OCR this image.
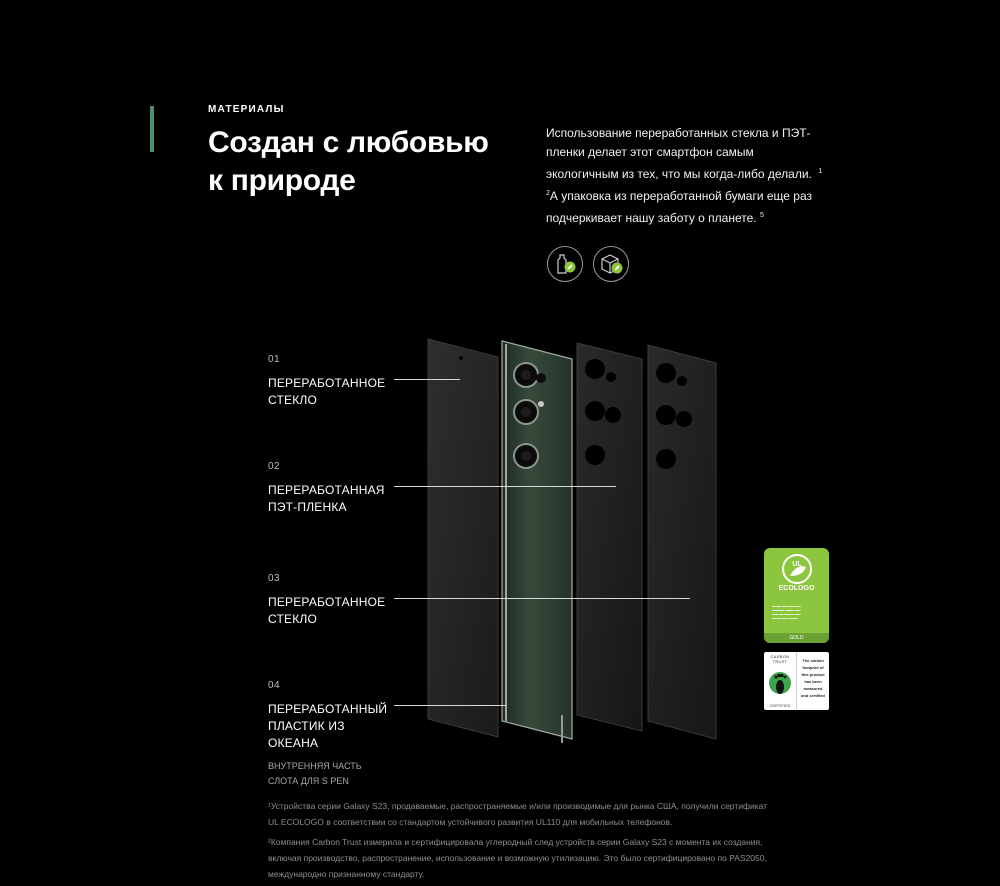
МАТЕРИАЛЫ
Создан с любовью
к природе
Использование переработанных стекла и ПЭТ-
пленки делает этот смартфон самым
экологичным из тех, что мы когда-либо делали. $^1$
$^2$А упаковка из переработанной бумаги еще раз
подчеркивает нашу заботу о планете. $^5$
01
ПЕРЕРАБОТАННОЕ
СТЕКЛО
02
ПЕРЕРАБОТАННАЯ
ПЭТ-ПЛЕНКА
03
ПЕРЕРАБОТАННОЕ
СТЕКЛО
04
ПЕРЕРАБОТАННЫЙ
ПЛАСТИК ИЗ
ОКЕАНА
ВНУТРЕННЯЯ ЧАСТЬ
СЛОТА ДЛЯ S PEN
UL
ECOLOGO
▬▬▬ ▬▬ ▬▬▬▬
▬▬▬▬ ▬▬▬ ▬▬
▬▬ ▬▬▬▬▬ ▬▬
▬▬▬ ▬▬ ▬▬▬
GOLD
CARBON
TRUST
CERTIFIED
The carbon
footprint of
this product
has been
measured
and certified

¹Устройства серии Galaxy S23, продаваемые, распространяемые и/или производимые для рынка США, получили сертификат
UL ECOLOGO в соответствии со стандартом устойчивого развития UL110 для мобильных телефонов.

²Компания Carbon Trust измерила и сертифицировала углеродный след устройств серии Galaxy S23 с момента их создания,
включая производство, распространение, использование и возможную утилизацию. Это было сертифицировано по PAS2050,
международно признанному стандарту.
